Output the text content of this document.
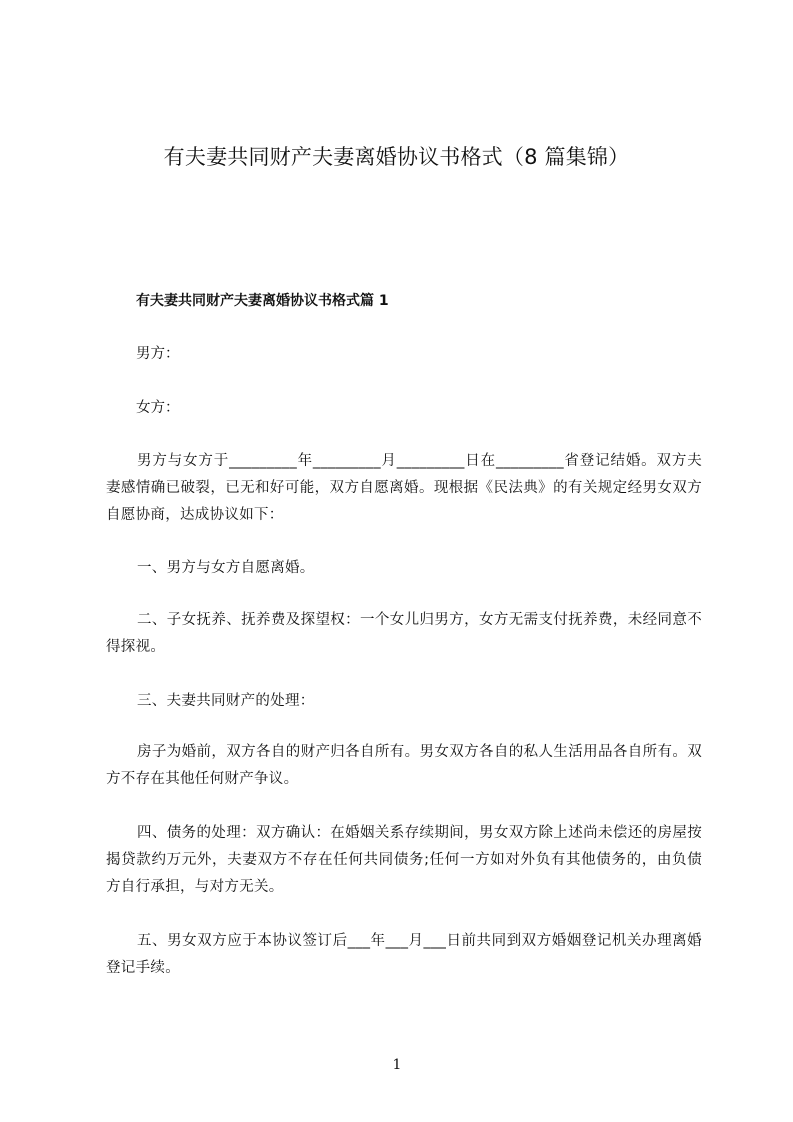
有夫妻共同财产夫妻离婚协议书格式（8 篇集锦）
有夫妻共同财产夫妻离婚协议书格式篇 1
男方：
女方：
男方与女方于_________年_________月_________日在_________省登记结婚。双方夫妻感情确已破裂，已无和好可能，双方自愿离婚。现根据《民法典》的有关规定经男女双方自愿协商，达成协议如下：
一、男方与女方自愿离婚。
二、子女抚养、抚养费及探望权：一个女儿归男方，女方无需支付抚养费，未经同意不得探视。
三、夫妻共同财产的处理：
房子为婚前，双方各自的财产归各自所有。男女双方各自的私人生活用品各自所有。双方不存在其他任何财产争议。
四、债务的处理：双方确认：在婚姻关系存续期间，男女双方除上述尚未偿还的房屋按揭贷款约万元外，夫妻双方不存在任何共同债务;任何一方如对外负有其他债务的，由负债方自行承担，与对方无关。
五、男女双方应于本协议签订后___年___月___日前共同到双方婚姻登记机关办理离婚登记手续。
1
